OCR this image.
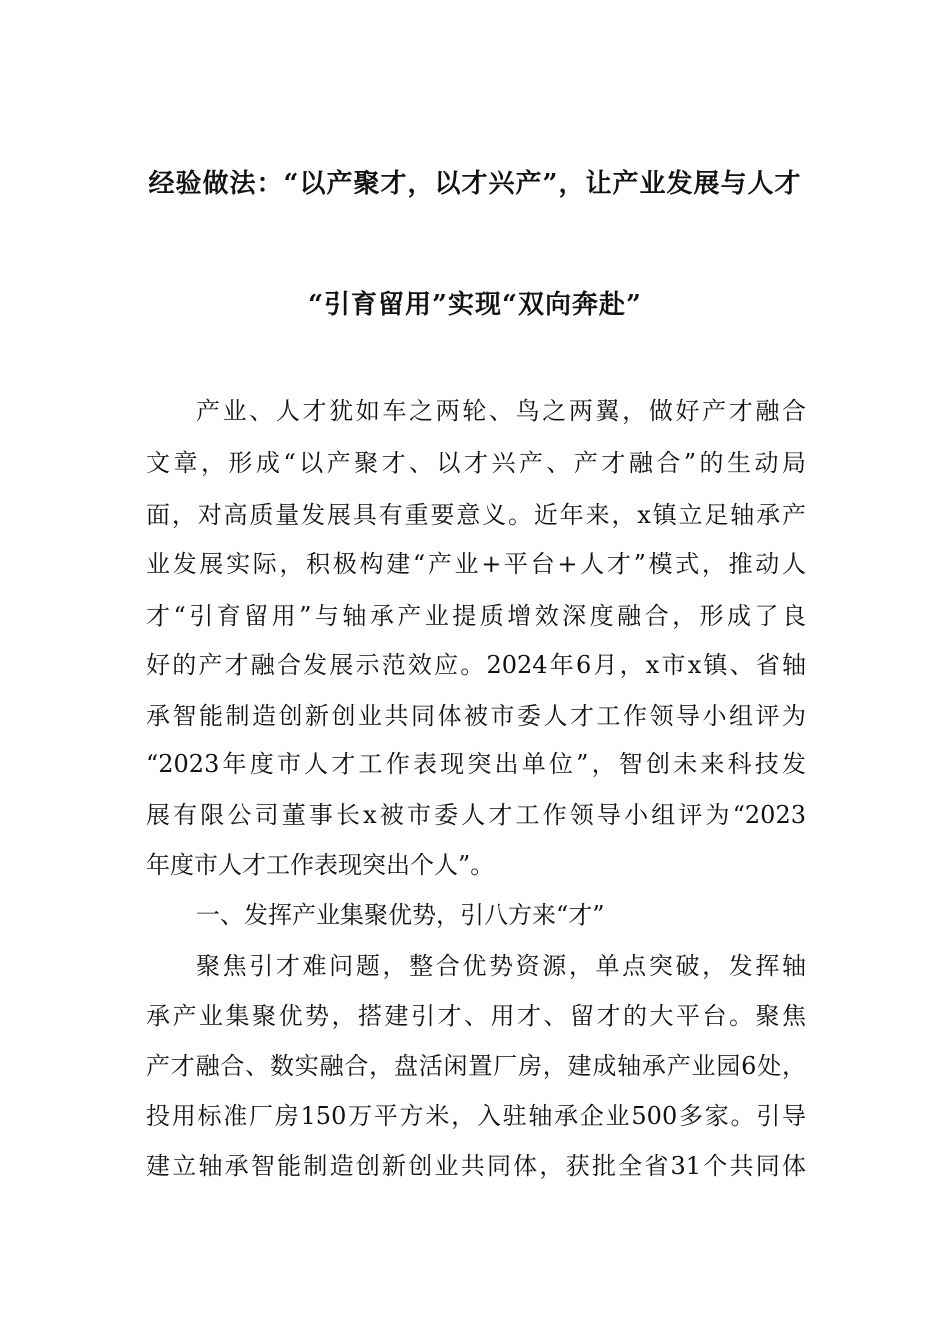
经验做法：“以产聚才，以才兴产”，让产业发展与人才
“引育留用”实现“双向奔赴”

产业、人才犹如车之两轮、鸟之两翼，做好产才融合

文章，形成“以产聚才、以才兴产、产才融合”的生动局

面，对高质量发展具有重要意义。近年来，x镇立足轴承产

业发展实际，积极构建“产业+平台+人才”模式，推动人

才“引育留用”与轴承产业提质增效深度融合，形成了良

好的产才融合发展示范效应。2024年6月，x市x镇、省轴

承智能制造创新创业共同体被市委人才工作领导小组评为

“2023年度市人才工作表现突出单位”，智创未来科技发

展有限公司董事长x被市委人才工作领导小组评为“2023

年度市人才工作表现突出个人”。

一、发挥产业集聚优势，引八方来“才”

聚焦引才难问题，整合优势资源，单点突破，发挥轴

承产业集聚优势，搭建引才、用才、留才的大平台。聚焦

产才融合、数实融合，盘活闲置厂房，建成轴承产业园6处，

投用标准厂房150万平方米，入驻轴承企业500多家。引导

建立轴承智能制造创新创业共同体，获批全省31个共同体
